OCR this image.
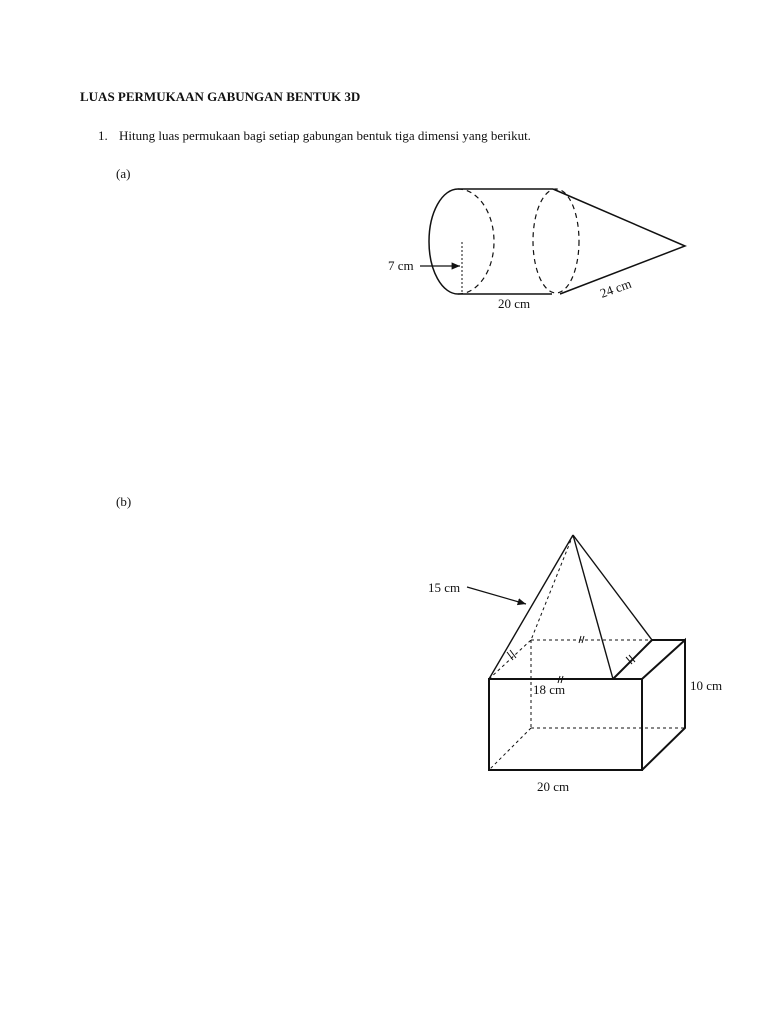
LUAS PERMUKAAN GABUNGAN BENTUK 3D
1. Hitung luas permukaan bagi setiap gabungan bentuk tiga dimensi yang berikut.
(a)
(b)
7 cm
20 cm
24 cm
15 cm
18 cm	10 cm
20 cm
